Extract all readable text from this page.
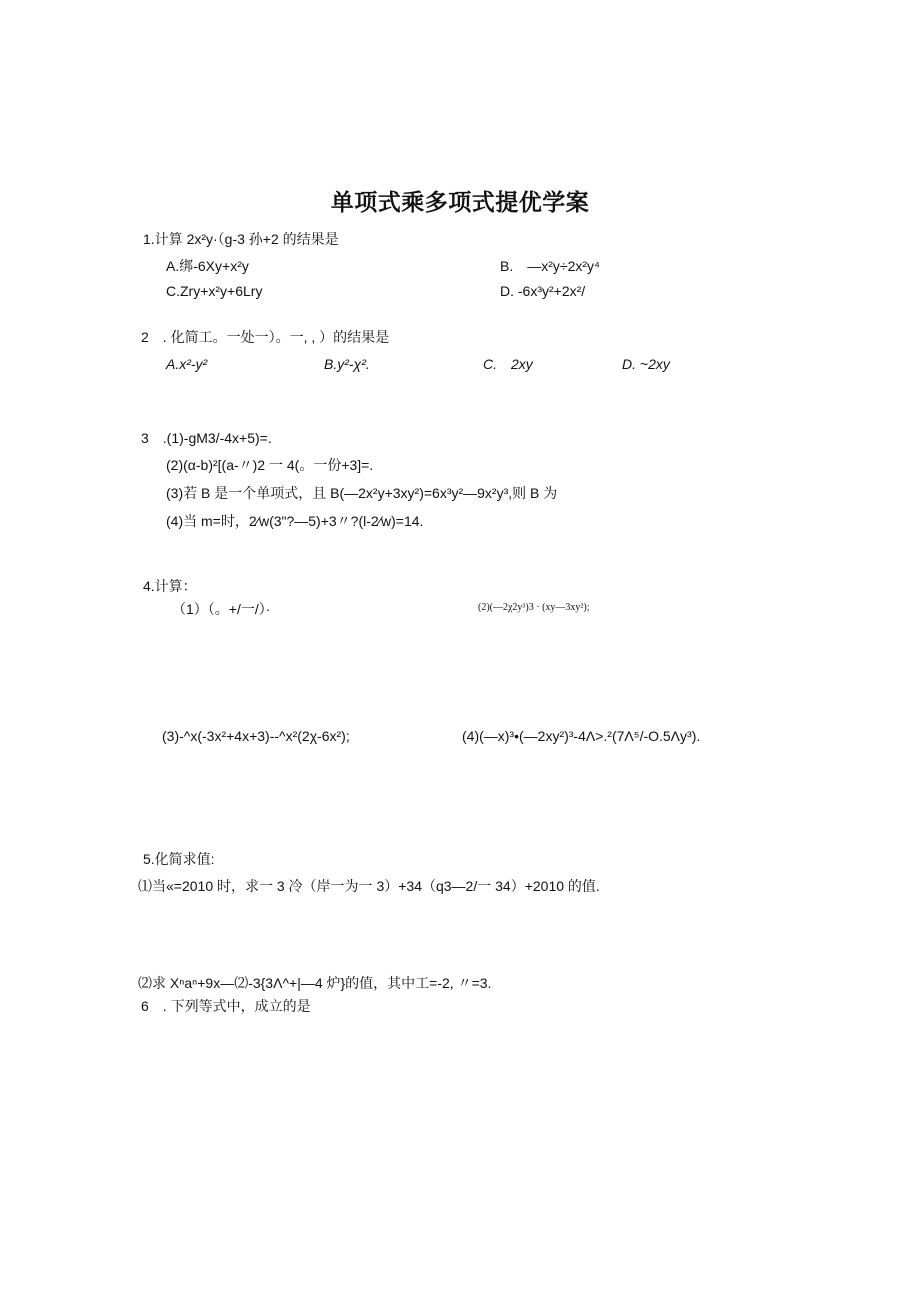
单项式乘多项式提优学案
1.计算 2x²y·（g-3 孙+2 的结果是
A.绑-6Xy+x²y	B.　—x²y÷2x²y⁴
C.Zry+x²y+6Lry	D. -6x³y²+2x²/
2　. 化简工。一处一）。一, , ）的结果是
A.x²-y²	B.y²-χ².	C.　2xy	D. ~2xy
3　.(1)-gM3/-4x+5)=.
(2)(α-b)²[(a-〃)2 一 4(。一份+3]=.
(3)若 B 是一个单项式，且 B(—2x²y+3xy²)=6x³y²—9x²y³,则 B 为
(4)当 m=时，2⁄w(3"?—5)+3〃?(l-2⁄w)=14.
4.计算：
（1）（。+/一/）·	(2)(—2χ2y³)3 · (xy—3xy²);
(3)-^x(-3x²+4x+3)--^x²(2χ-6x²);	(4)(—x)³•(—2xy²)³-4Λ>.²(7Λ⁵/-O.5Λy³).
5.化简求值:
⑴当«=2010 时，求一 3 冷（岸一为一 3）+34（q3—2/一 34）+2010 的值.
⑵求 Xⁿaⁿ+9x—⑵-3{3Λ^+|—4 炉}的值，其中工=-2, 〃=3.
6　. 下列等式中，成立的是
